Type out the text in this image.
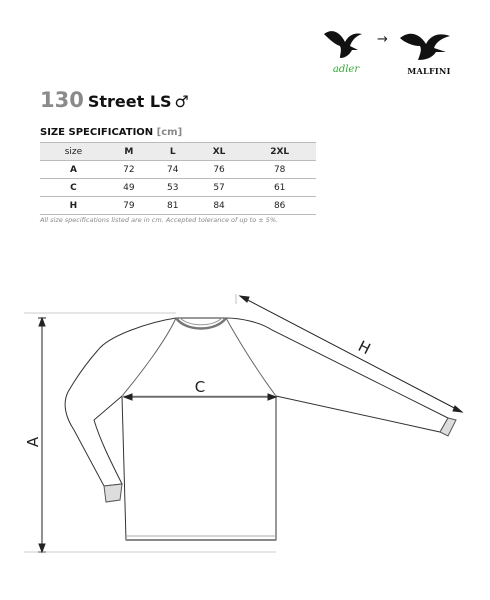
adler
→
MALFINI
130 Street LS ♂
SIZE SPECIFICATION [cm]
size	M	L	XL	2XL
A	72	74	76	78
C	49	53	57	61
H	79	81	84	86
All size specifications listed are in cm. Accepted tolerance of up to ± 5%.
A
C
H
